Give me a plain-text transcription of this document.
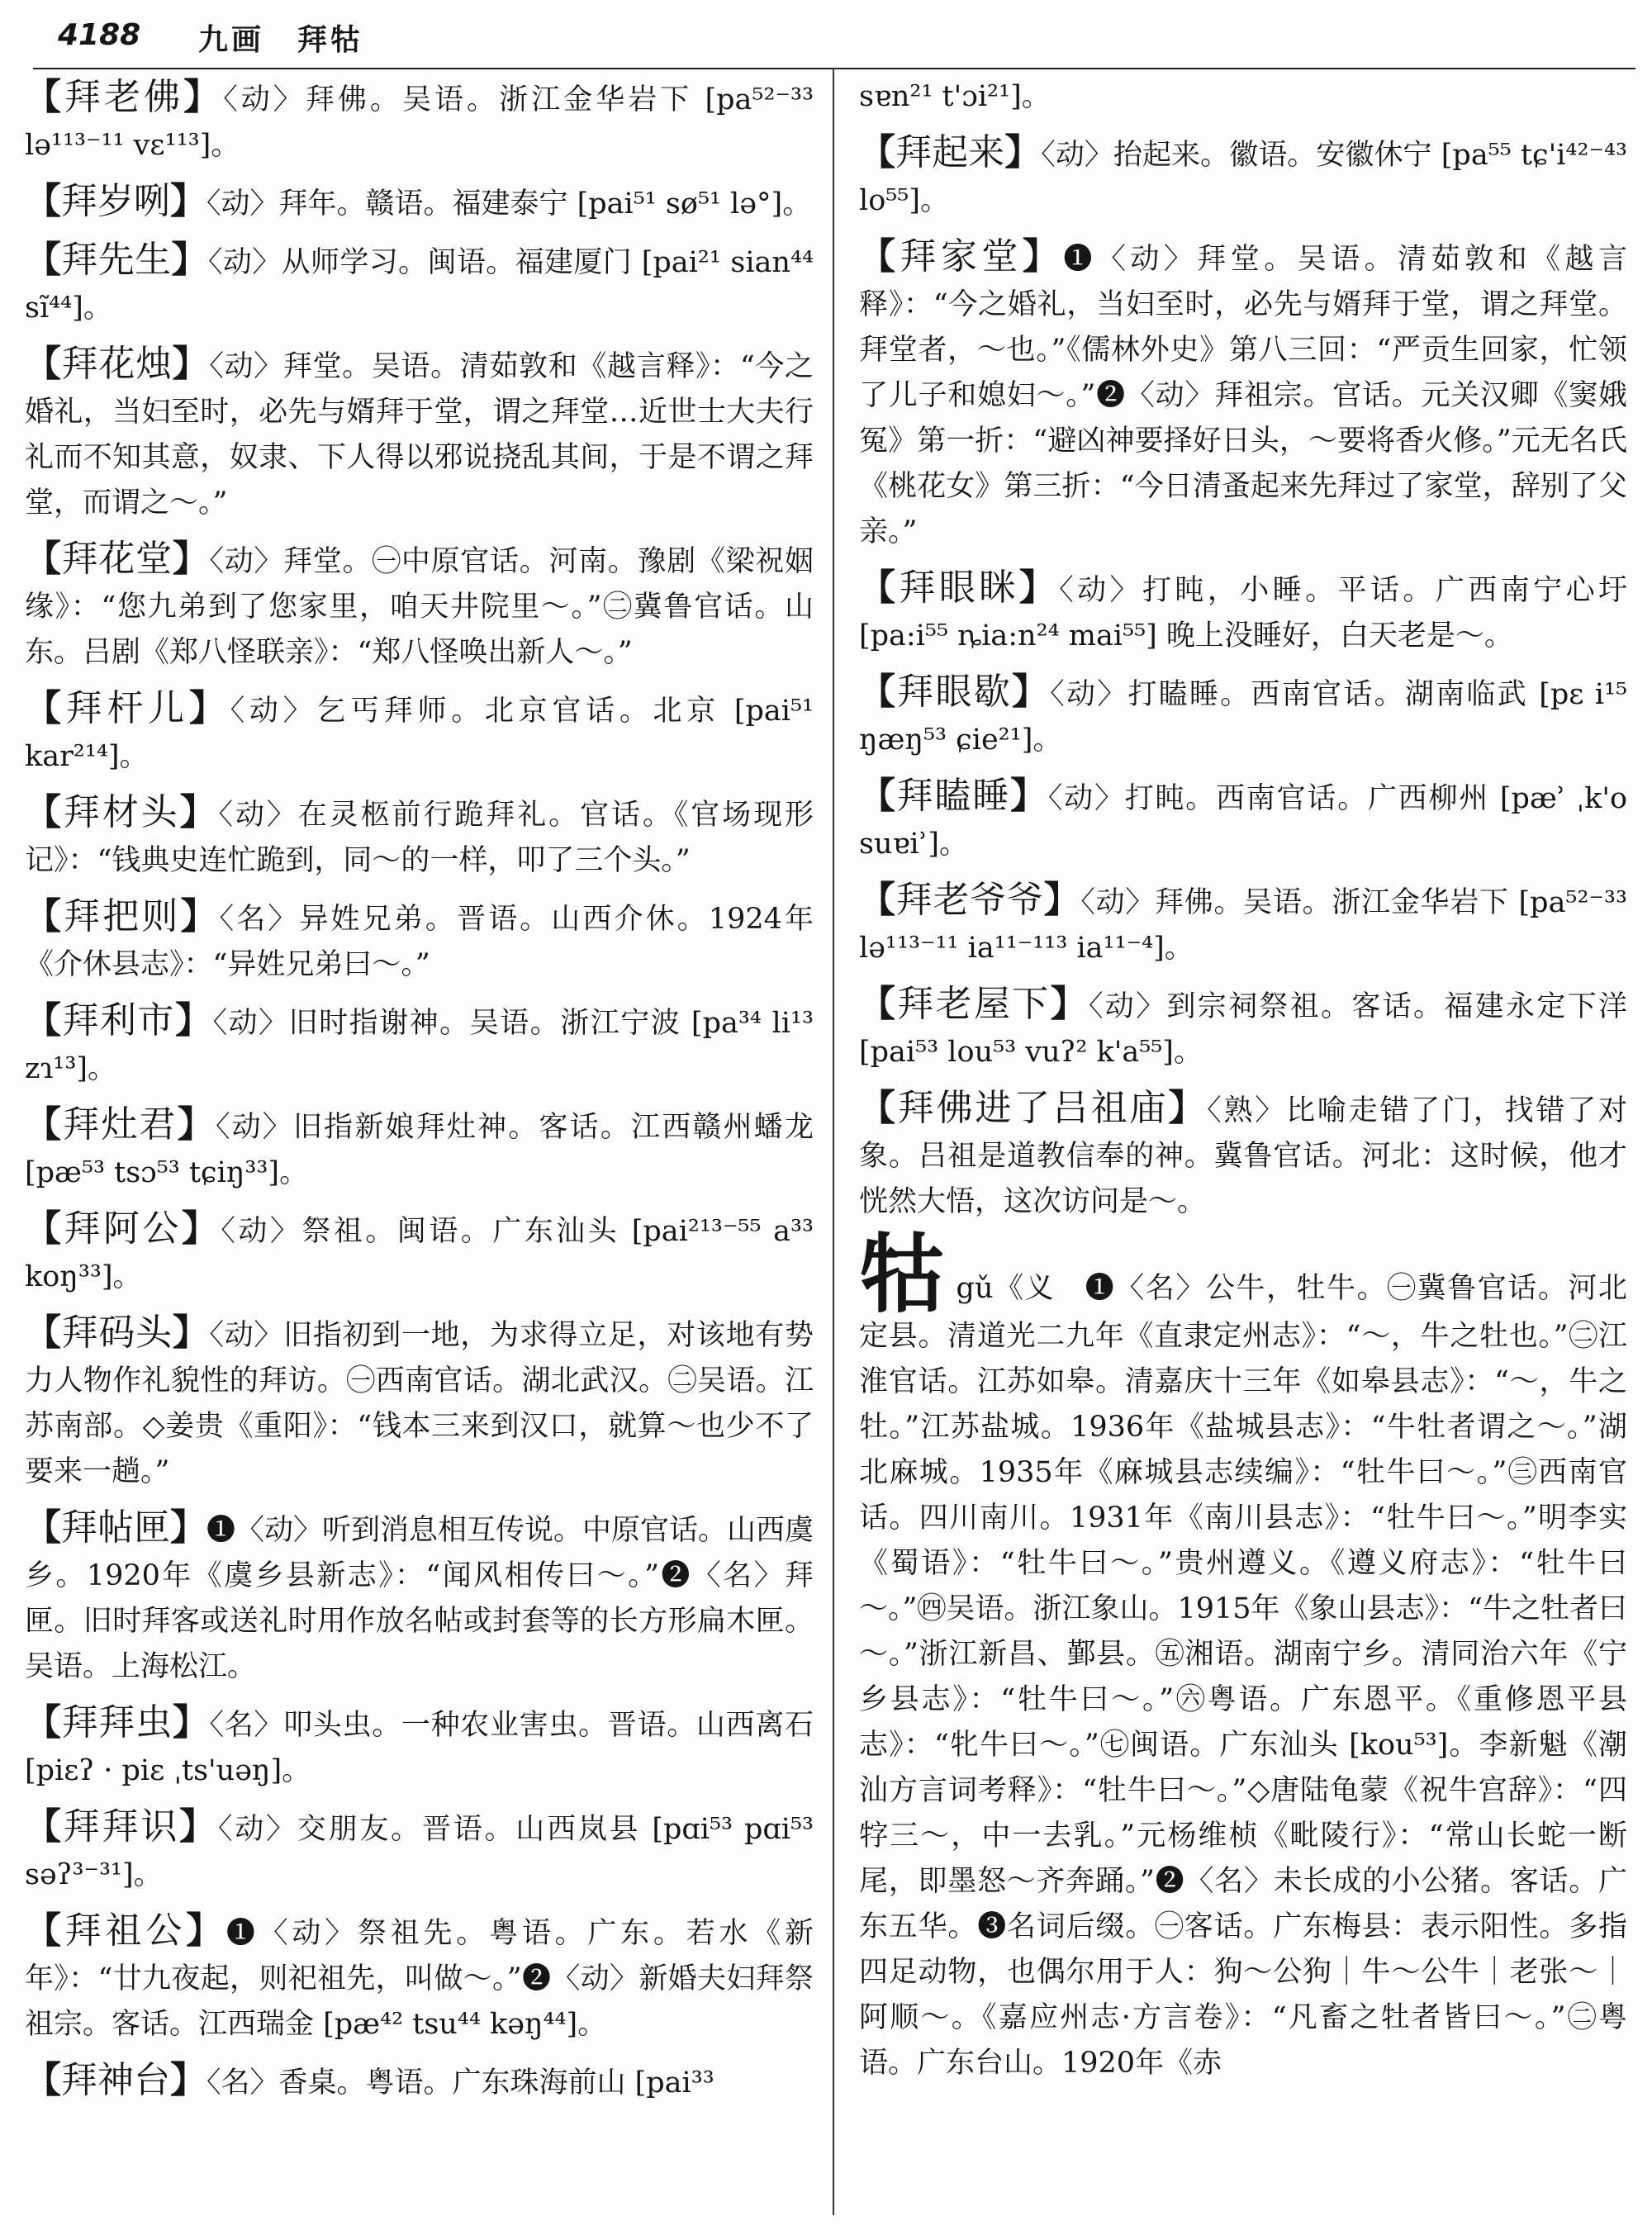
4188 九画　拜牯

【拜老佛】〈动〉拜佛。吴语。浙江金华岩下 [pa⁵²⁻³³ lə¹¹³⁻¹¹ vɛ¹¹³]。

【拜岁咧】〈动〉拜年。赣语。福建泰宁 [pai⁵¹ sø⁵¹ lə°]。

【拜先生】〈动〉从师学习。闽语。福建厦门 [pai²¹ sian⁴⁴ sĩ⁴⁴]。

【拜花烛】〈动〉拜堂。吴语。清茹敦和《越言释》：“今之婚礼，当妇至时，必先与婿拜于堂，谓之拜堂…近世士大夫行礼而不知其意，奴隶、下人得以邪说挠乱其间，于是不谓之拜堂，而谓之～。”

【拜花堂】〈动〉拜堂。㊀中原官话。河南。豫剧《梁祝姻缘》：“您九弟到了您家里，咱天井院里～。”㊁冀鲁官话。山东。吕剧《郑八怪联亲》：“郑八怪唤出新人～。”

【拜杆儿】〈动〉乞丐拜师。北京官话。北京 [pai⁵¹ kar²¹⁴]。

【拜材头】〈动〉在灵柩前行跪拜礼。官话。《官场现形记》：“钱典史连忙跪到，同～的一样，叩了三个头。”

【拜把则】〈名〉异姓兄弟。晋语。山西介休。1924年《介休县志》：“异姓兄弟曰～。”

【拜利市】〈动〉旧时指谢神。吴语。浙江宁波 [pa³⁴ li¹³ zɿ¹³]。

【拜灶君】〈动〉旧指新娘拜灶神。客话。江西赣州蟠龙 [pæ⁵³ tsɔ⁵³ tɕiŋ³³]。

【拜阿公】〈动〉祭祖。闽语。广东汕头 [pai²¹³⁻⁵⁵ a³³ koŋ³³]。

【拜码头】〈动〉旧指初到一地，为求得立足，对该地有势力人物作礼貌性的拜访。㊀西南官话。湖北武汉。㊁吴语。江苏南部。◇姜贵《重阳》：“钱本三来到汉口，就算～也少不了要来一趟。”

【拜帖匣】❶〈动〉听到消息相互传说。中原官话。山西虞乡。1920年《虞乡县新志》：“闻风相传曰～。”❷〈名〉拜匣。旧时拜客或送礼时用作放名帖或封套等的长方形扁木匣。吴语。上海松江。

【拜拜虫】〈名〉叩头虫。一种农业害虫。晋语。山西离石 [piɛʔ · piɛ ˌts'uəŋ]。

【拜拜识】〈动〉交朋友。晋语。山西岚县 [pɑi⁵³ pɑi⁵³ səʔ³⁻³¹]。

【拜祖公】❶〈动〉祭祖先。粤语。广东。若水《新年》：“廿九夜起，则祀祖先，叫做～。”❷〈动〉新婚夫妇拜祭祖宗。客话。江西瑞金 [pæ⁴² tsu⁴⁴ kəŋ⁴⁴]。

【拜神台】〈名〉香桌。粤语。广东珠海前山 [pai³³

sɐn²¹ t'ɔi²¹]。

【拜起来】〈动〉抬起来。徽语。安徽休宁 [pa⁵⁵ tɕ'i⁴²⁻⁴³ lo⁵⁵]。

【拜家堂】❶〈动〉拜堂。吴语。清茹敦和《越言释》：“今之婚礼，当妇至时，必先与婿拜于堂，谓之拜堂。拜堂者，～也。”《儒林外史》第八三回：“严贡生回家，忙领了儿子和媳妇～。”❷〈动〉拜祖宗。官话。元关汉卿《窦娥冤》第一折：“避凶神要择好日头，～要将香火修。”元无名氏《桃花女》第三折：“今日清蚤起来先拜过了家堂，辞别了父亲。”

【拜眼眯】〈动〉打盹，小睡。平话。广西南宁心圩 [pa:i⁵⁵ ȵia:n²⁴ mai⁵⁵] 晚上没睡好，白天老是～。

【拜眼歇】〈动〉打瞌睡。西南官话。湖南临武 [pɛ i¹⁵ ŋæŋ⁵³ ɕie²¹]。

【拜瞌睡】〈动〉打盹。西南官话。广西柳州 [pæʾ ˌk'o suɐiʾ]。

【拜老爷爷】〈动〉拜佛。吴语。浙江金华岩下 [pa⁵²⁻³³ lə¹¹³⁻¹¹ ia¹¹⁻¹¹³ ia¹¹⁻⁴]。

【拜老屋下】〈动〉到宗祠祭祖。客话。福建永定下洋 [pai⁵³ lou⁵³ vuʔ² k'a⁵⁵]。

【拜佛进了吕祖庙】〈熟〉比喻走错了门，找错了对象。吕祖是道教信奉的神。冀鲁官话。河北：这时候，他才恍然大悟，这次访问是～。

牯gǔ《义　 ❶〈名〉公牛，牡牛。㊀冀鲁官话。河北定县。清道光二九年《直隶定州志》：“～，牛之牡也。”㊁江淮官话。江苏如皋。清嘉庆十三年《如皋县志》：“～，牛之牡。”江苏盐城。1936年《盐城县志》：“牛牡者谓之～。”湖北麻城。1935年《麻城县志续编》：“牡牛曰～。”㊂西南官话。四川南川。1931年《南川县志》：“牡牛曰～。”明李实《蜀语》：“牡牛曰～。”贵州遵义。《遵义府志》：“牡牛曰～。”㊃吴语。浙江象山。1915年《象山县志》：“牛之牡者曰～。”浙江新昌、鄞县。㊄湘语。湖南宁乡。清同治六年《宁乡县志》：“牡牛曰～。”㊅粤语。广东恩平。《重修恩平县志》：“牝牛曰～。”㊆闽语。广东汕头 [kou⁵³]。李新魁《潮汕方言词考释》：“牡牛曰～。”◇唐陆龟蒙《祝牛宫辞》：“四牸三～，中一去乳。”元杨维桢《毗陵行》：“常山长蛇一断尾，即墨怒～齐奔踊。”❷〈名〉未长成的小公猪。客话。广东五华。❸名词后缀。㊀客话。广东梅县：表示阳性。多指四足动物，也偶尔用于人：狗～公狗｜牛～公牛｜老张～｜阿顺～。《嘉应州志·方言卷》：“凡畜之牡者皆曰～。”㊁粤语。广东台山。1920年《赤
